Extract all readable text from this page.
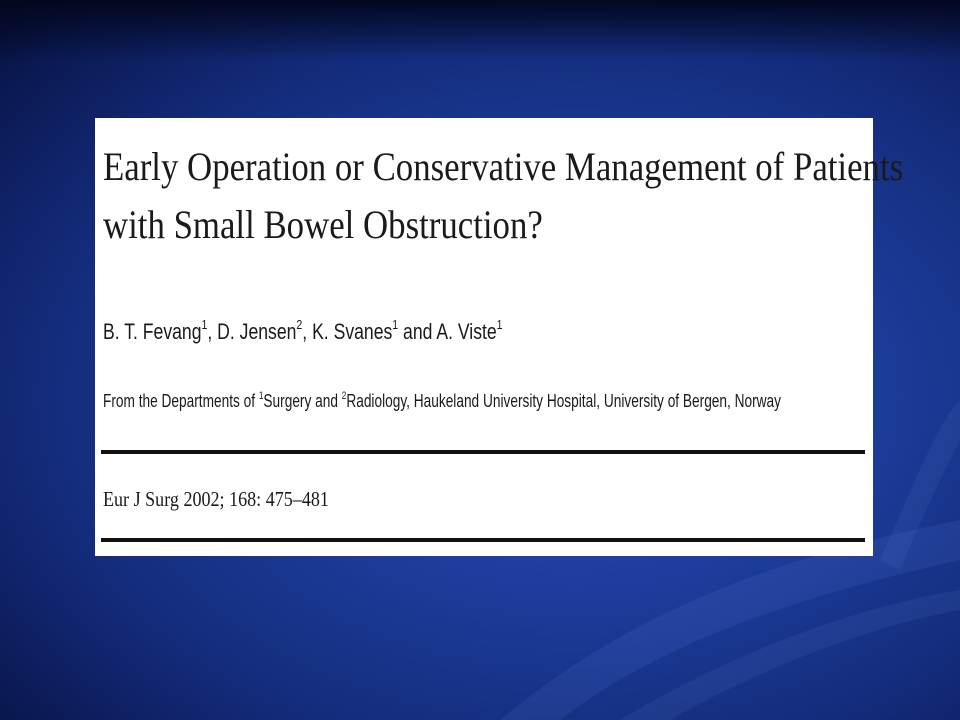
Early Operation or Conservative Management of Patients
with Small Bowel Obstruction?

B. T. Fevang$^1$, D. Jensen$^2$, K. Svanes$^1$ and A. Viste$^1$

From the Departments of $^1$Surgery and $^2$Radiology, Haukeland University Hospital, University of Bergen, Norway

Eur J Surg 2002; 168: 475–481
